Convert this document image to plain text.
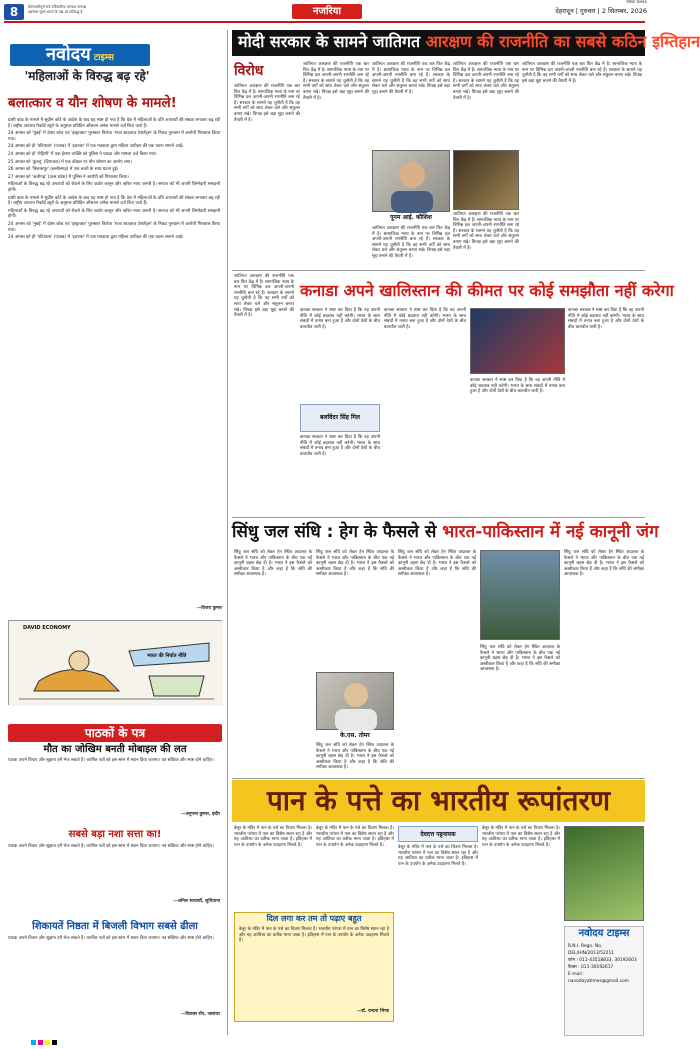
8	ईमानदारीपूर्ण सर्व पत्रिकारिता जनपक्ष जनपक्ष
भ्रष्टाचार मुक्त भारत के पक्ष-धर प्रतिबद्ध है	नजरिया
नवोदय TIMES
देहरादून | गुरुवार | 2 सितम्बर, 2026
नवोदय टाइम्स
'महिलाओं के विरुद्ध बढ़ रहे'
बलात्कार व यौन शोषण के मामले!

प्रांशी कांड के मामले में सुप्रीम कोर्ट के आदेश के बाद यह स्पष्ट हो गया है कि देश में महिलाओं के प्रति अपराधों की संख्या लगातार बढ़ रही है। राष्ट्रीय अपराध रिकॉर्ड ब्यूरो के अनुसार प्रतिदिन औसतन अनेक मामले दर्ज किए जाते हैं।

24 अगस्त को 'मुंबई' में दोस्त कोच एवं 'इंस्ट्राक्टर' पुरस्कार विजेता 'राजा शाहबाज़ टेस्टरेंट्स' के निकट गुरुग्राम में आरोपी गिरफ्तार किया गया।

24 अगस्त को ही 'पटियाला' (पंजाब) में 'इतवारा' में एक मतदाता द्वारा महिला उत्पीड़न की एक घटना सामने आई।

24 अगस्त को ही 'रोहिणी' में एक ईशान व्यक्ति को पुलिस ने पकड़ा और मामला दर्ज किया गया।

25 अगस्त को 'कुल्लू' (हिमाचल) में एक डॉक्टर पर यौन शोषण का आरोप लगा।

26 अगस्त को 'बिलासपुर' (छत्तीसगढ़) में एक बच्ची के साथ घटना हुई।

27 अगस्त को 'अलीगढ़' (उत्तर प्रदेश) में पुलिस ने आरोपी को गिरफ्तार किया।

महिलाओं के विरुद्ध बढ़ रहे अपराधों को रोकने के लिए कठोर कानून और त्वरित न्याय जरूरी है। समाज को भी अपनी जिम्मेदारी समझनी होगी।

प्रांशी कांड के मामले में सुप्रीम कोर्ट के आदेश के बाद यह स्पष्ट हो गया है कि देश में महिलाओं के प्रति अपराधों की संख्या लगातार बढ़ रही है। राष्ट्रीय अपराध रिकॉर्ड ब्यूरो के अनुसार प्रतिदिन औसतन अनेक मामले दर्ज किए जाते हैं।

महिलाओं के विरुद्ध बढ़ रहे अपराधों को रोकने के लिए कठोर कानून और त्वरित न्याय जरूरी है। समाज को भी अपनी जिम्मेदारी समझनी होगी।

24 अगस्त को 'मुंबई' में दोस्त कोच एवं 'इंस्ट्राक्टर' पुरस्कार विजेता 'राजा शाहबाज़ टेस्टरेंट्स' के निकट गुरुग्राम में आरोपी गिरफ्तार किया गया।

24 अगस्त को ही 'पटियाला' (पंजाब) में 'इतवारा' में एक मतदाता द्वारा महिला उत्पीड़न की एक घटना सामने आई।

—विजय कुमार
DAVID ECONOMY
भारत की निर्यात नीति
पाठकों के पत्र
मौत का जोखिम बनती मोबाइल की लत
पाठक अपने विचार और सुझाव हमें भेज सकते हैं। चयनित पत्रों को इस स्तंभ में स्थान दिया जाएगा। पत्र संक्षिप्त और स्पष्ट होने चाहिए।
—अनुपमा कुमार, इंदौर
सबसे बड़ा नशा सत्ता का!
पाठक अपने विचार और सुझाव हमें भेज सकते हैं। चयनित पत्रों को इस स्तंभ में स्थान दिया जाएगा। पत्र संक्षिप्त और स्पष्ट होने चाहिए।
—अनिल सत्यार्थी, लुधियाना
शिकायतें निष्ठता में बिजली विभाग सबसे ढीला
पाठक अपने विचार और सुझाव हमें भेज सकते हैं। चयनित पत्रों को इस स्तंभ में स्थान दिया जाएगा। पत्र संक्षिप्त और स्पष्ट होने चाहिए।
—विकास रॉय, जालंधर
मोदी सरकार के सामने जातिगत आरक्षण की राजनीति का सबसे कठिन इम्तिहान
विरोध
जातिगत आरक्षण की राजनीति एक बार फिर केंद्र में है। सामाजिक न्याय के नाम पर विभिन्न दल अपनी-अपनी रणनीति बना रहे हैं। सरकार के सामने यह चुनौती है कि वह सभी वर्गों को साथ लेकर चले और संतुलन बनाए रखे। विपक्ष इसे बड़ा मुद्दा बनाने की तैयारी में है।
जातिगत आरक्षण की राजनीति एक बार फिर केंद्र में है। सामाजिक न्याय के नाम पर विभिन्न दल अपनी-अपनी रणनीति बना रहे हैं। सरकार के सामने यह चुनौती है कि वह सभी वर्गों को साथ लेकर चले और संतुलन बनाए रखे। विपक्ष इसे बड़ा मुद्दा बनाने की तैयारी में है।
पूनम आई. कौशिश
जातिगत आरक्षण की राजनीति एक बार फिर केंद्र में है। सामाजिक न्याय के नाम पर विभिन्न दल अपनी-अपनी रणनीति बना रहे हैं। सरकार के सामने यह चुनौती है कि वह सभी वर्गों को साथ लेकर चले और संतुलन बनाए रखे। विपक्ष इसे बड़ा मुद्दा बनाने की तैयारी में है।
जातिगत आरक्षण की राजनीति एक बार फिर केंद्र में है। सामाजिक न्याय के नाम पर विभिन्न दल अपनी-अपनी रणनीति बना रहे हैं। सरकार के सामने यह चुनौती है कि वह सभी वर्गों को साथ लेकर चले और संतुलन बनाए रखे। विपक्ष इसे बड़ा मुद्दा बनाने की तैयारी में है।
जातिगत आरक्षण की राजनीति एक बार फिर केंद्र में है। सामाजिक न्याय के नाम पर विभिन्न दल अपनी-अपनी रणनीति बना रहे हैं। सरकार के सामने यह चुनौती है कि वह सभी वर्गों को साथ लेकर चले और संतुलन बनाए रखे। विपक्ष इसे बड़ा मुद्दा बनाने की तैयारी में है।
जातिगत आरक्षण की राजनीति एक बार फिर केंद्र में है। सामाजिक न्याय के नाम पर विभिन्न दल अपनी-अपनी रणनीति बना रहे हैं। सरकार के सामने यह चुनौती है कि वह सभी वर्गों को साथ लेकर चले और संतुलन बनाए रखे। विपक्ष इसे बड़ा मुद्दा बनाने की तैयारी में है।
जातिगत आरक्षण की राजनीति एक बार फिर केंद्र में है। सामाजिक न्याय के नाम पर विभिन्न दल अपनी-अपनी रणनीति बना रहे हैं। सरकार के सामने यह चुनौती है कि वह सभी वर्गों को साथ लेकर चले और संतुलन बनाए रखे। विपक्ष इसे बड़ा मुद्दा बनाने की तैयारी में है।
जातिगत आरक्षण की राजनीति एक बार फिर केंद्र में है। सामाजिक न्याय के नाम पर विभिन्न दल अपनी-अपनी रणनीति बना रहे हैं। सरकार के सामने यह चुनौती है कि वह सभी वर्गों को साथ लेकर चले और संतुलन बनाए रखे। विपक्ष इसे बड़ा मुद्दा बनाने की तैयारी में है।
कनाडा अपने खालिस्तान की कीमत पर कोई समझौता नहीं करेगा
कनाडा सरकार ने स्पष्ट कर दिया है कि वह अपनी नीति में कोई बदलाव नहीं करेगी। भारत के साथ संबंधों में तनाव बना हुआ है और दोनों देशों के बीच बातचीत जारी है।
बलविंदर सिंह गिल
कनाडा सरकार ने स्पष्ट कर दिया है कि वह अपनी नीति में कोई बदलाव नहीं करेगी। भारत के साथ संबंधों में तनाव बना हुआ है और दोनों देशों के बीच बातचीत जारी है।
कनाडा सरकार ने स्पष्ट कर दिया है कि वह अपनी नीति में कोई बदलाव नहीं करेगी। भारत के साथ संबंधों में तनाव बना हुआ है और दोनों देशों के बीच बातचीत जारी है।
कनाडा सरकार ने स्पष्ट कर दिया है कि वह अपनी नीति में कोई बदलाव नहीं करेगी। भारत के साथ संबंधों में तनाव बना हुआ है और दोनों देशों के बीच बातचीत जारी है।
कनाडा सरकार ने स्पष्ट कर दिया है कि वह अपनी नीति में कोई बदलाव नहीं करेगी। भारत के साथ संबंधों में तनाव बना हुआ है और दोनों देशों के बीच बातचीत जारी है।
सिंधु जल संधि : हेग के फैसले से भारत-पाकिस्तान में नई कानूनी जंग
सिंधु जल संधि को लेकर हेग स्थित अदालत के फैसले ने भारत और पाकिस्तान के बीच एक नई कानूनी बहस छेड़ दी है। भारत ने इस फैसले को अस्वीकार किया है और कहा है कि संधि की समीक्षा आवश्यक है।
सिंधु जल संधि को लेकर हेग स्थित अदालत के फैसले ने भारत और पाकिस्तान के बीच एक नई कानूनी बहस छेड़ दी है। भारत ने इस फैसले को अस्वीकार किया है और कहा है कि संधि की समीक्षा आवश्यक है।
के.एस. तोमर
सिंधु जल संधि को लेकर हेग स्थित अदालत के फैसले ने भारत और पाकिस्तान के बीच एक नई कानूनी बहस छेड़ दी है। भारत ने इस फैसले को अस्वीकार किया है और कहा है कि संधि की समीक्षा आवश्यक है।
सिंधु जल संधि को लेकर हेग स्थित अदालत के फैसले ने भारत और पाकिस्तान के बीच एक नई कानूनी बहस छेड़ दी है। भारत ने इस फैसले को अस्वीकार किया है और कहा है कि संधि की समीक्षा आवश्यक है।
सिंधु जल संधि को लेकर हेग स्थित अदालत के फैसले ने भारत और पाकिस्तान के बीच एक नई कानूनी बहस छेड़ दी है। भारत ने इस फैसले को अस्वीकार किया है और कहा है कि संधि की समीक्षा आवश्यक है।
सिंधु जल संधि को लेकर हेग स्थित अदालत के फैसले ने भारत और पाकिस्तान के बीच एक नई कानूनी बहस छेड़ दी है। भारत ने इस फैसले को अस्वीकार किया है और कहा है कि संधि की समीक्षा आवश्यक है।
पान के पत्ते का भारतीय रूपांतरण
बेलूर के मंदिर में पान के पत्ते का चित्रण मिलता है। भारतीय परंपरा में पान का विशेष स्थान रहा है और यह आतिथ्य का प्रतीक माना जाता है। इतिहास में पान के उपयोग के अनेक उदाहरण मिलते हैं।
दिल लगा कर तम तो पढ़ाए बहुत
बेलूर के मंदिर में पान के पत्ते का चित्रण मिलता है। भारतीय परंपरा में पान का विशेष स्थान रहा है और यह आतिथ्य का प्रतीक माना जाता है। इतिहास में पान के उपयोग के अनेक उदाहरण मिलते हैं।
—डॉ. वन्दना भिण्ड
बेलूर के मंदिर में पान के पत्ते का चित्रण मिलता है। भारतीय परंपरा में पान का विशेष स्थान रहा है और यह आतिथ्य का प्रतीक माना जाता है। इतिहास में पान के उपयोग के अनेक उदाहरण मिलते हैं।
देवदत्त पट्टनायक
बेलूर के मंदिर में पान के पत्ते का चित्रण मिलता है। भारतीय परंपरा में पान का विशेष स्थान रहा है और यह आतिथ्य का प्रतीक माना जाता है। इतिहास में पान के उपयोग के अनेक उदाहरण मिलते हैं।
बेलूर के मंदिर में पान के पत्ते का चित्रण मिलता है। भारतीय परंपरा में पान का विशेष स्थान रहा है और यह आतिथ्य का प्रतीक माना जाता है। इतिहास में पान के उपयोग के अनेक उदाहरण मिलते हैं।
नवोदय टाइम्स
R.N.I. Regn. No. DEL/HIN/2013/52211
फोन : 011-43518833, 30192603
फैक्स : 011-30192617
E-mail : navodayatimes@gmail.com
